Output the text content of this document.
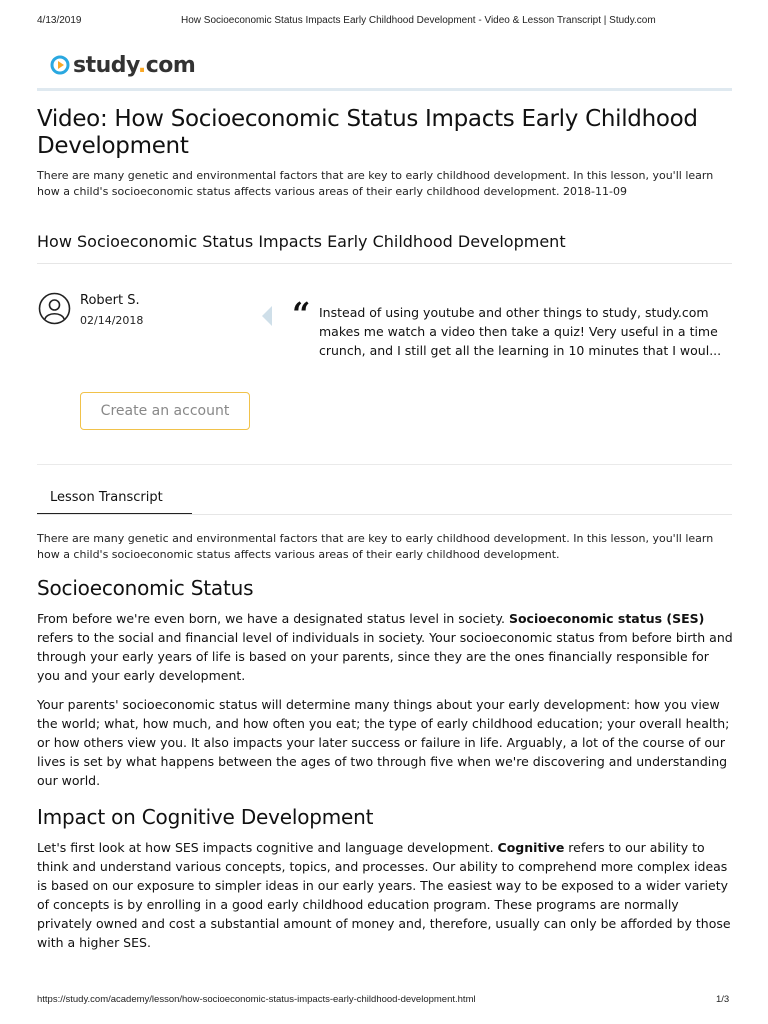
4/13/2019	How Socioeconomic Status Impacts Early Childhood Development - Video & Lesson Transcript | Study.com
study.com
Video: How Socioeconomic Status Impacts Early Childhood Development

There are many genetic and environmental factors that are key to early childhood development. In this lesson, you'll learn how a child's socioeconomic status affects various areas of their early childhood development. 2018-11-09

How Socioeconomic Status Impacts Early Childhood Development
Robert S.
02/14/2018	“ Instead of using youtube and other things to study, study.com makes me watch a video then take a quiz! Very useful in a time crunch, and I still get all the learning in 10 minutes that I woul...

Create an account
Lesson Transcript

There are many genetic and environmental factors that are key to early childhood development. In this lesson, you'll learn how a child's socioeconomic status affects various areas of their early childhood development.

Socioeconomic Status

From before we're even born, we have a designated status level in society. Socioeconomic status (SES) refers to the social and financial level of individuals in society. Your socioeconomic status from before birth and through your early years of life is based on your parents, since they are the ones financially responsible for you and your early development.

Your parents' socioeconomic status will determine many things about your early development: how you view the world; what, how much, and how often you eat; the type of early childhood education; your overall health; or how others view you. It also impacts your later success or failure in life. Arguably, a lot of the course of our lives is set by what happens between the ages of two through five when we're discovering and understanding our world.

Impact on Cognitive Development

Let's first look at how SES impacts cognitive and language development. Cognitive refers to our ability to think and understand various concepts, topics, and processes. Our ability to comprehend more complex ideas is based on our exposure to simpler ideas in our early years. The easiest way to be exposed to a wider variety of concepts is by enrolling in a good early childhood education program. These programs are normally privately owned and cost a substantial amount of money and, therefore, usually can only be afforded by those with a higher SES.

https://study.com/academy/lesson/how-socioeconomic-status-impacts-early-childhood-development.html	1/3
